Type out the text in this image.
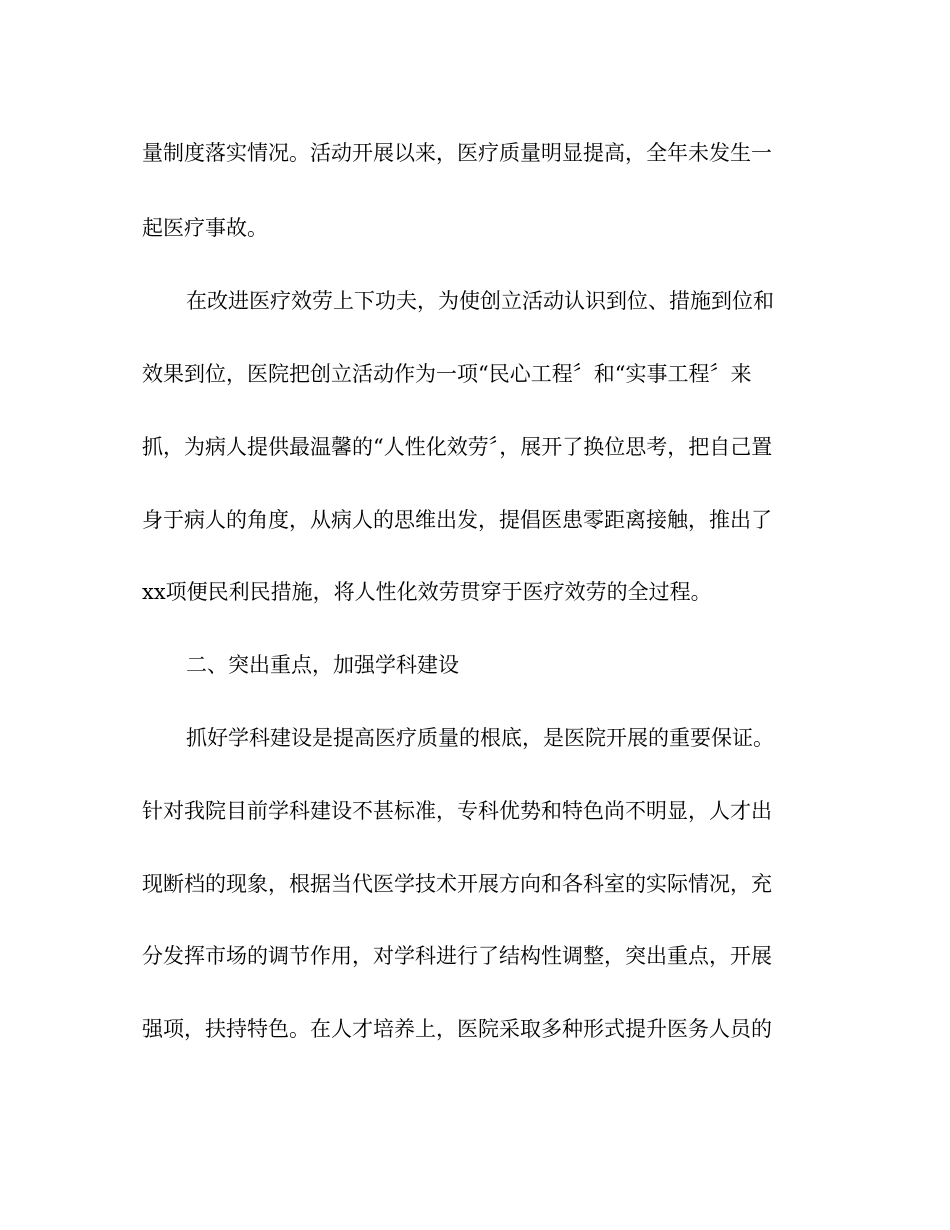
量制度落实情况。活动开展以来，医疗质量明显提高，全年未发生一
起医疗事故。
在改进医疗效劳上下功夫，为使创立活动认识到位、措施到位和
效果到位，医院把创立活动作为一项“民心工程〞和“实事工程〞来
抓，为病人提供最温馨的“人性化效劳〞，展开了换位思考，把自己置
身于病人的角度，从病人的思维出发，提倡医患零距离接触，推出了
xx项便民利民措施，将人性化效劳贯穿于医疗效劳的全过程。
二、突出重点，加强学科建设
抓好学科建设是提高医疗质量的根底，是医院开展的重要保证。
针对我院目前学科建设不甚标准，专科优势和特色尚不明显，人才出
现断档的现象，根据当代医学技术开展方向和各科室的实际情况，充
分发挥市场的调节作用，对学科进行了结构性调整，突出重点，开展
强项，扶持特色。在人才培养上，医院采取多种形式提升医务人员的
